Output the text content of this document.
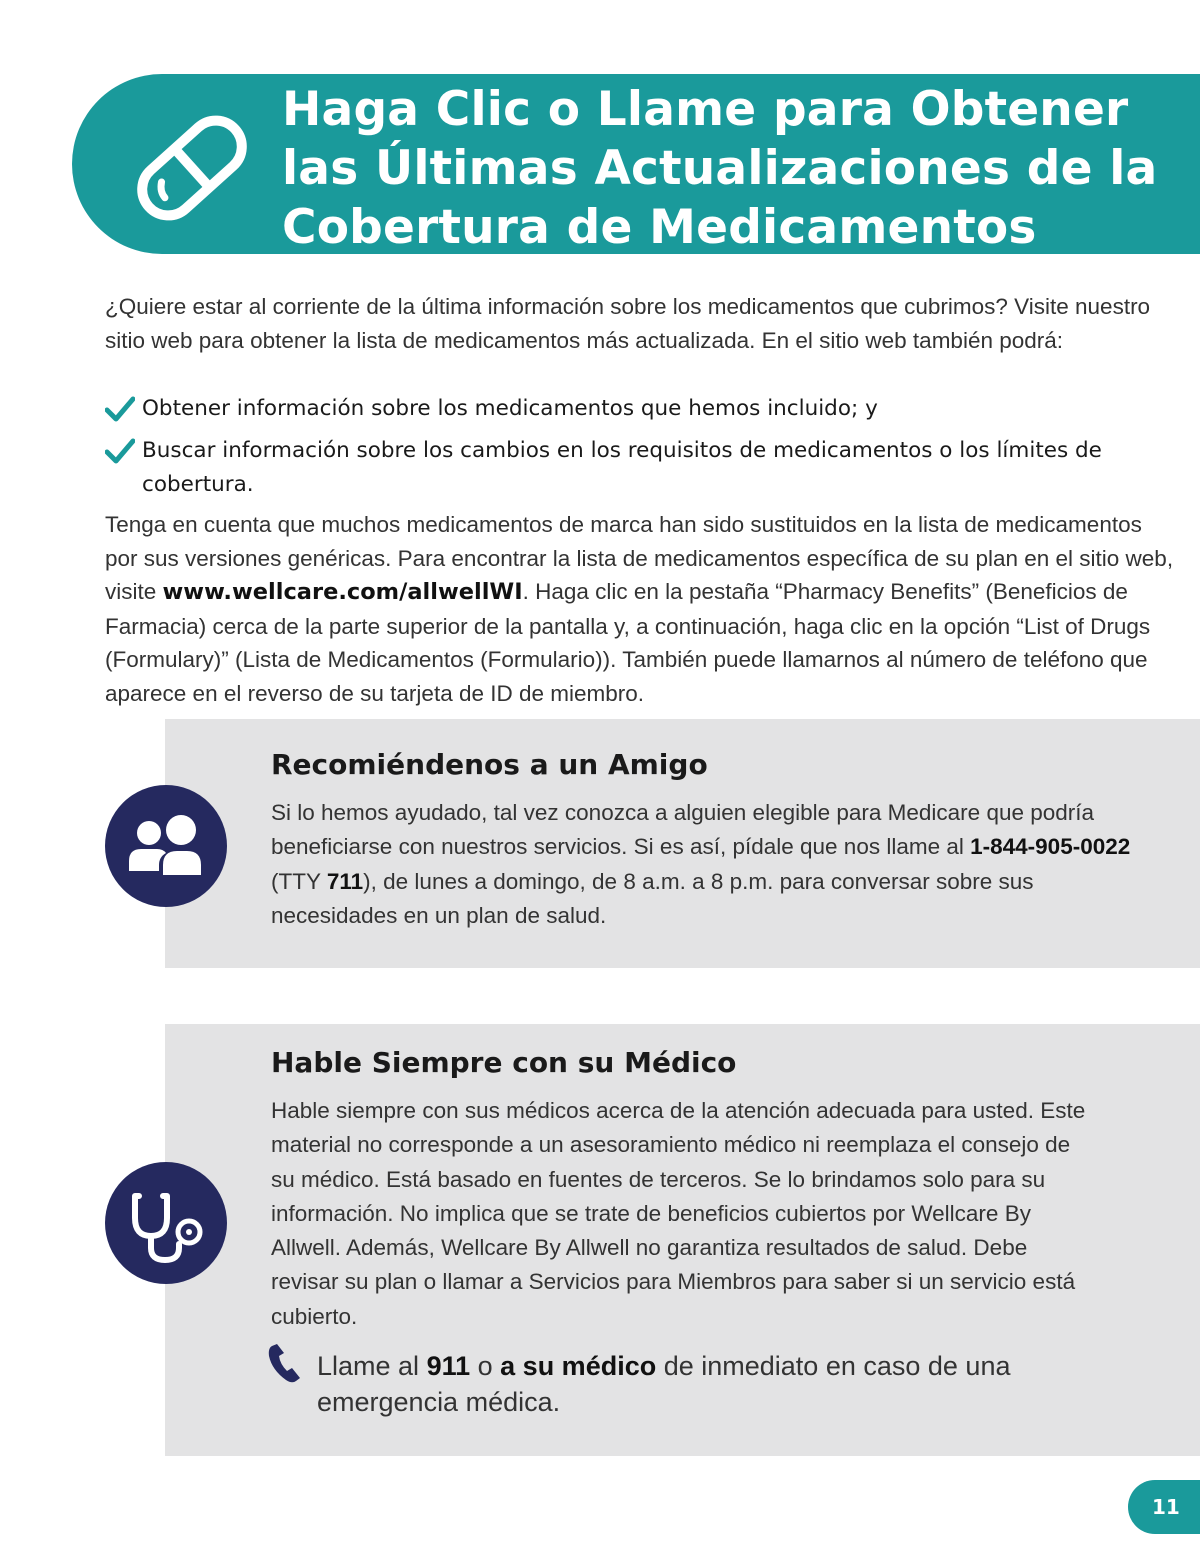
Haga Clic o Llame para Obtener las Últimas Actualizaciones de la Cobertura de Medicamentos

¿Quiere estar al corriente de la última información sobre los medicamentos que cubrimos? Visite nuestro sitio web para obtener la lista de medicamentos más actualizada. En el sitio web también podrá:

Obtener información sobre los medicamentos que hemos incluido; y
Buscar información sobre los cambios en los requisitos de medicamentos o los límites de cobertura.

Tenga en cuenta que muchos medicamentos de marca han sido sustituidos en la lista de medicamentos por sus versiones genéricas. Para encontrar la lista de medicamentos específica de su plan en el sitio web, visite www.wellcare.com/allwellWI. Haga clic en la pestaña “Pharmacy Benefits” (Beneficios de Farmacia) cerca de la parte superior de la pantalla y, a continuación, haga clic en la opción “List of Drugs (Formulary)” (Lista de Medicamentos (Formulario)). También puede llamarnos al número de teléfono que aparece en el reverso de su tarjeta de ID de miembro.

Recomiéndenos a un Amigo

Si lo hemos ayudado, tal vez conozca a alguien elegible para Medicare que podría beneficiarse con nuestros servicios. Si es así, pídale que nos llame al 1-844-905-0022 (TTY 711), de lunes a domingo, de 8 a.m. a 8 p.m. para conversar sobre sus necesidades en un plan de salud.

Hable Siempre con su Médico

Hable siempre con sus médicos acerca de la atención adecuada para usted. Este material no corresponde a un asesoramiento médico ni reemplaza el consejo de su médico. Está basado en fuentes de terceros. Se lo brindamos solo para su información. No implica que se trate de beneficios cubiertos por Wellcare By Allwell. Además, Wellcare By Allwell no garantiza resultados de salud. Debe revisar su plan o llamar a Servicios para Miembros para saber si un servicio está cubierto.

Llame al 911 o a su médico de inmediato en caso de una emergencia médica.

11
